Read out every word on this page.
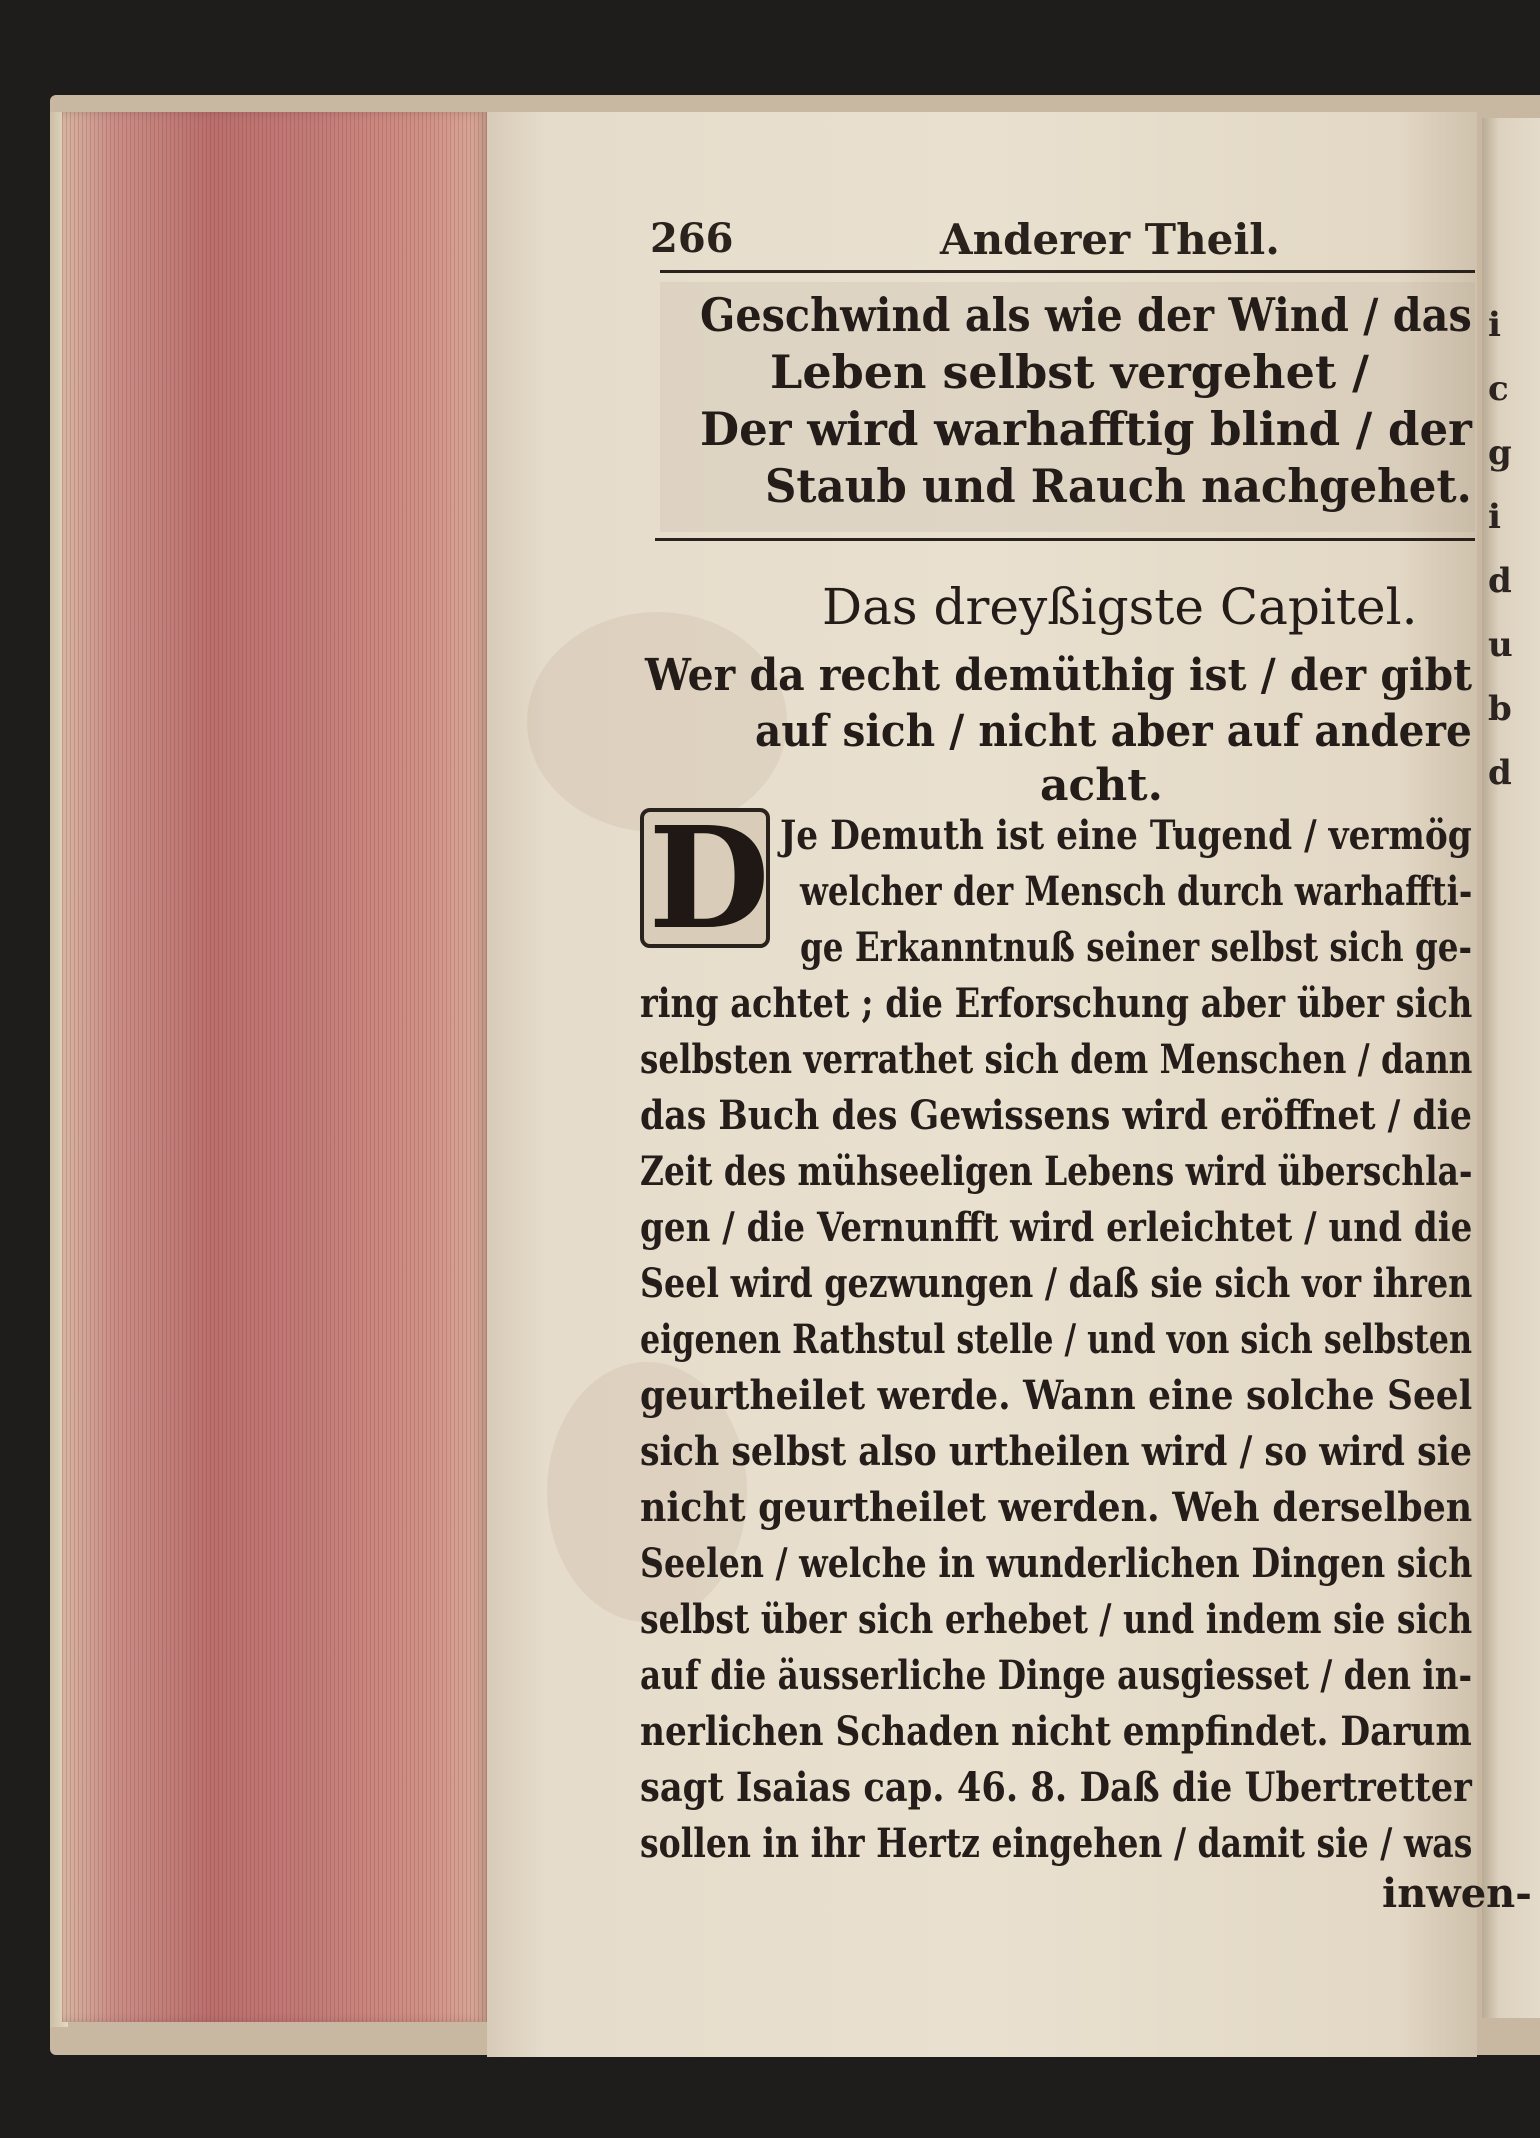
i
c
g
i
d
u
b
d
266	Anderer Theil.
Geschwind als wie der Wind / das
Leben selbst vergehet /
Der wird warhafftig blind / der
Staub und Rauch nachgehet.
Das dreyßigste Capitel.
Wer da recht demüthig ist / der gibt
auf sich / nicht aber auf andere
acht.
D Je Demuth ist eine Tugend / vermög
welcher der Mensch durch warhaffti-
ge Erkanntnuß seiner selbst sich ge-
ring achtet ; die Erforschung aber über sich
selbsten verrathet sich dem Menschen / dann
das Buch des Gewissens wird eröffnet / die
Zeit des mühseeligen Lebens wird überschla-
gen / die Vernunfft wird erleichtet / und die
Seel wird gezwungen / daß sie sich vor ihren
eigenen Rathstul stelle / und von sich selbsten
geurtheilet werde. Wann eine solche Seel
sich selbst also urtheilen wird / so wird sie
nicht geurtheilet werden. Weh derselben
Seelen / welche in wunderlichen Dingen sich
selbst über sich erhebet / und indem sie sich
auf die äusserliche Dinge ausgiesset / den in-
nerlichen Schaden nicht empfindet. Darum
sagt Isaias cap. 46. 8. Daß die Ubertretter
sollen in ihr Hertz eingehen / damit sie / was
inwen-
